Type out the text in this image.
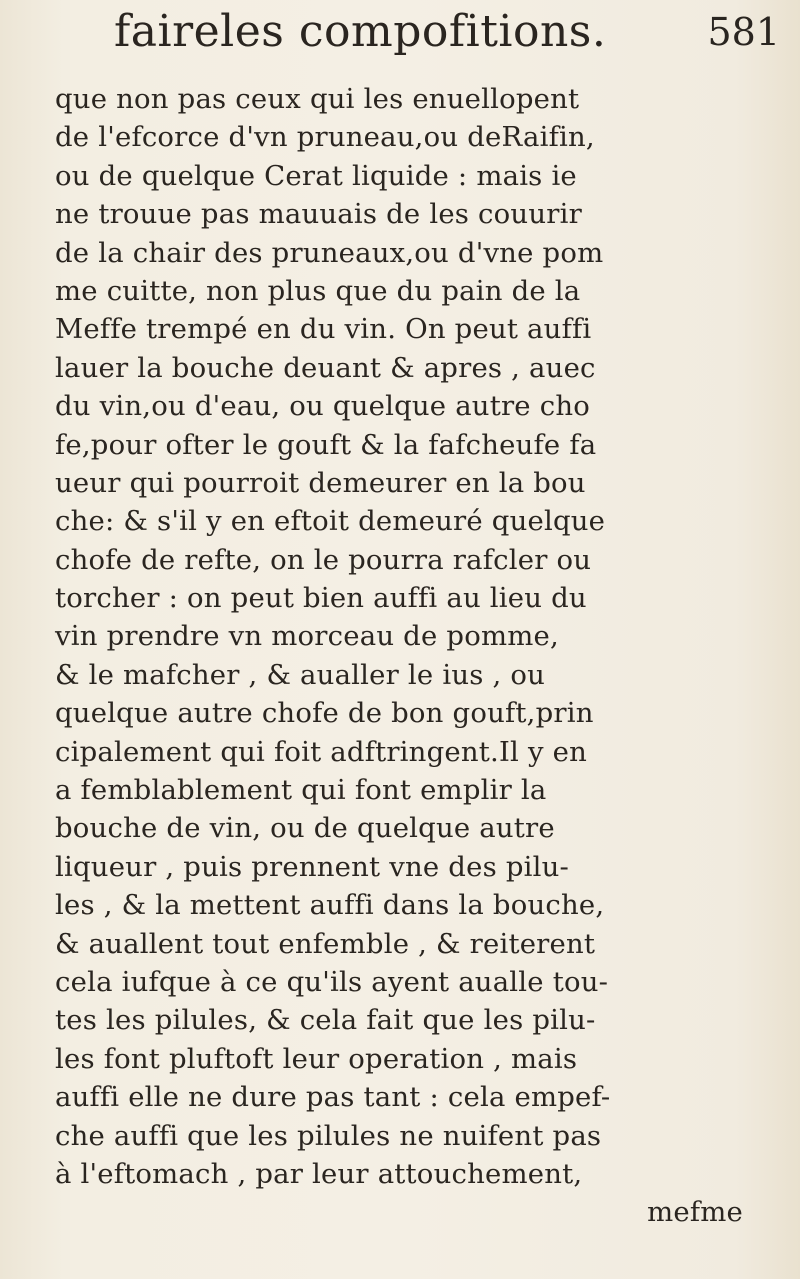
faireles compofitions.	581
que non pas ceux qui les enuellopent
de l'efcorce d'vn pruneau,ou deRaifin,
ou de quelque Cerat liquide : mais ie
ne trouue pas mauuais de les couurir
de la chair des pruneaux,ou d'vne pom
me cuitte, non plus que du pain de la
Meffe trempé en du vin. On peut auffi
lauer la bouche deuant & apres , auec
du vin,ou d'eau, ou quelque autre cho
fe,pour ofter le gouft & la fafcheufe fa
ueur qui pourroit demeurer en la bou
che: & s'il y en eftoit demeuré quelque
chofe de refte, on le pourra rafcler ou
torcher : on peut bien auffi au lieu du
vin prendre vn morceau de pomme,
& le mafcher , & aualler le ius , ou
quelque autre chofe de bon gouft,prin
cipalement qui foit adftringent.Il y en
a femblablement qui font emplir la
bouche de vin, ou de quelque autre
liqueur , puis prennent vne des pilu-
les , & la mettent auffi dans la bouche,
& auallent tout enfemble , & reiterent
cela iufque à ce qu'ils ayent aualle tou-
tes les pilules, & cela fait que les pilu-
les font pluftoft leur operation , mais
auffi elle ne dure pas tant : cela empef-
che auffi que les pilules ne nuifent pas
à l'eftomach , par leur attouchement,
mefme
